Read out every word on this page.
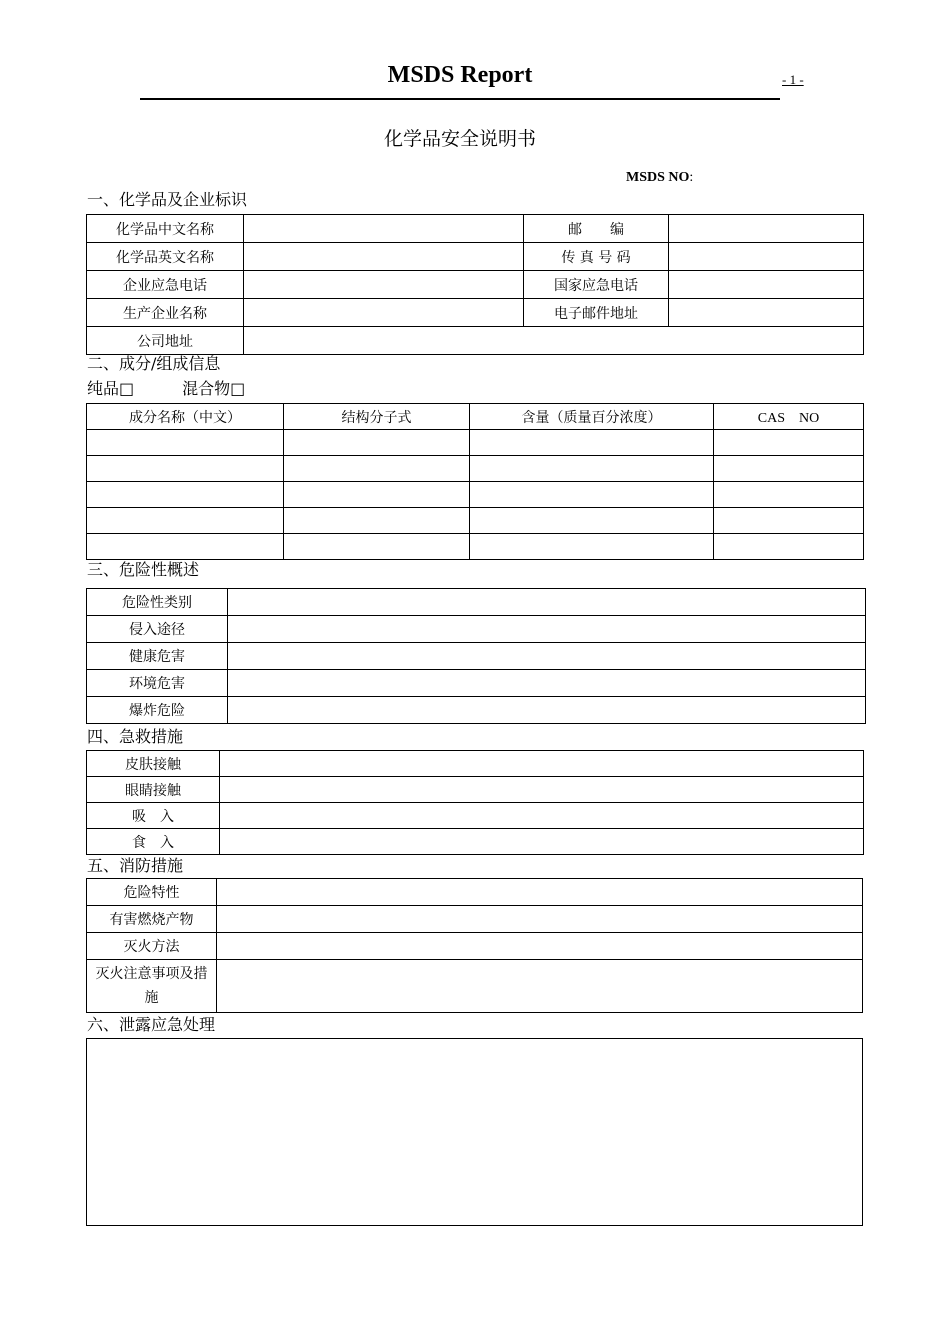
MSDS Report	- 1 -
化学品安全说明书
MSDS NO:
一、化学品及企业标识
化学品中文名称		邮　　编	
化学品英文名称		传 真 号 码	
企业应急电话		国家应急电话	
生产企业名称		电子邮件地址	
公司地址			
二、成分/组成信息
纯品□　　　混合物□
成分名称（中文）	结构分子式	含量（质量百分浓度）	CAS　NO

三、危险性概述
危险性类别	
侵入途径	
健康危害	
环境危害	
爆炸危险	
四、急救措施
皮肤接触	
眼睛接触	
吸　入	
食　入	
五、消防措施
危险特性	
有害燃烧产物	
灭火方法	
灭火注意事项及措施	
六、泄露应急处理
